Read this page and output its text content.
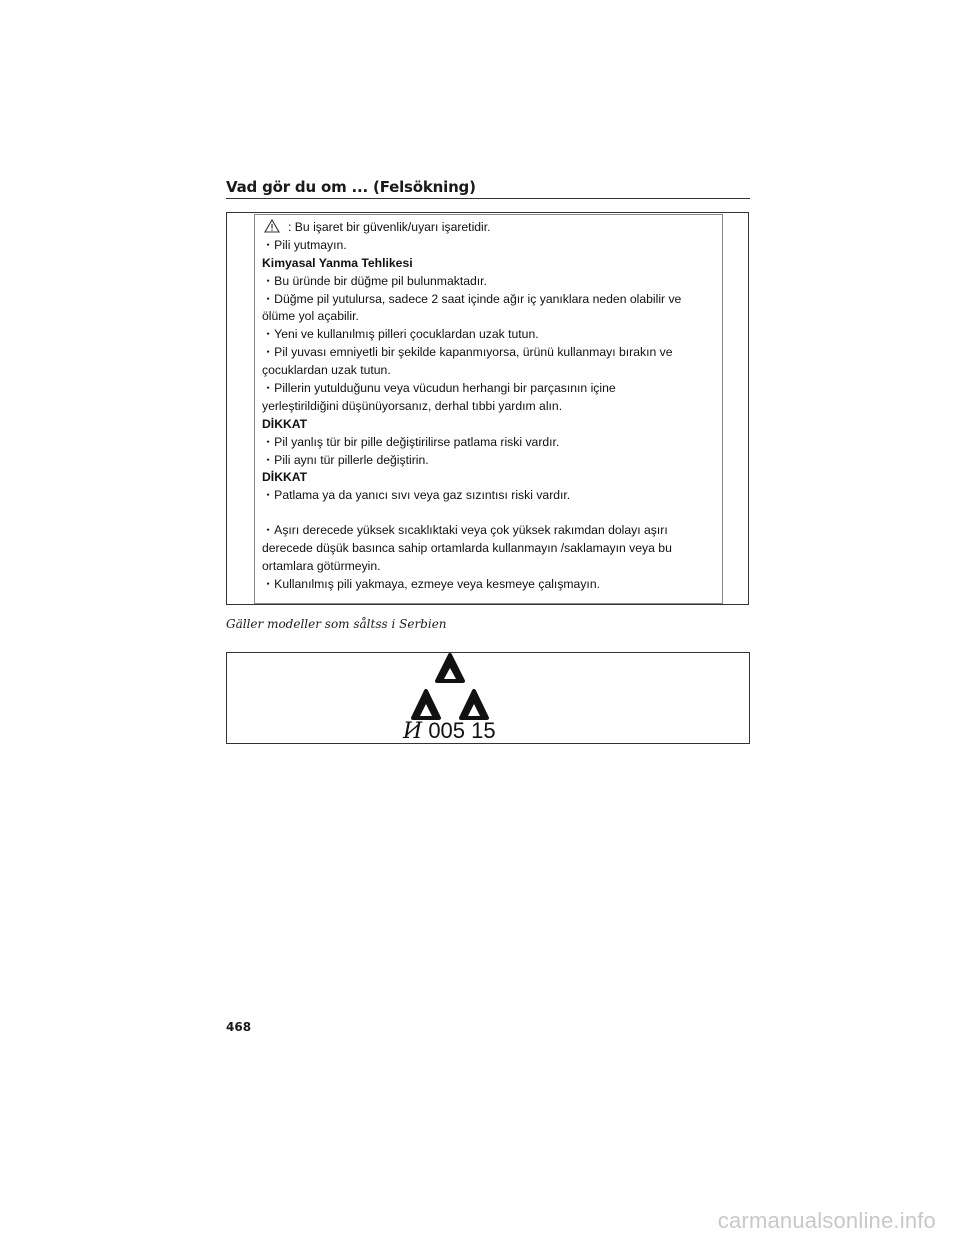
Vad gör du om ... (Felsökning)
: Bu işaret bir güvenlik/uyarı işaretidir.
・Pili yutmayın.
Kimyasal Yanma Tehlikesi
・Bu üründe bir düğme pil bulunmaktadır.
・Düğme pil yutulursa, sadece 2 saat içinde ağır iç yanıklara neden olabilir ve
ölüme yol açabilir.
・Yeni ve kullanılmış pilleri çocuklardan uzak tutun.
・Pil yuvası emniyetli bir şekilde kapanmıyorsa, ürünü kullanmayı bırakın ve
çocuklardan uzak tutun.
・Pillerin yutulduğunu veya vücudun herhangi bir parçasının içine
yerleştirildiğini düşünüyorsanız, derhal tıbbi yardım alın.
DİKKAT
・Pil yanlış tür bir pille değiştirilirse patlama riski vardır.
・Pili aynı tür pillerle değiştirin.
DİKKAT
・Patlama ya da yanıcı sıvı veya gaz sızıntısı riski vardır.
・Aşırı derecede yüksek sıcaklıktaki veya çok yüksek rakımdan dolayı aşırı
derecede düşük basınca sahip ortamlarda kullanmayın /saklamayın veya bu
ortamlara götürmeyin.
・Kullanılmış pili yakmaya, ezmeye veya kesmeye çalışmayın.
Gäller modeller som såltss i Serbien
И 005 15
468
carmanualsonline.info
